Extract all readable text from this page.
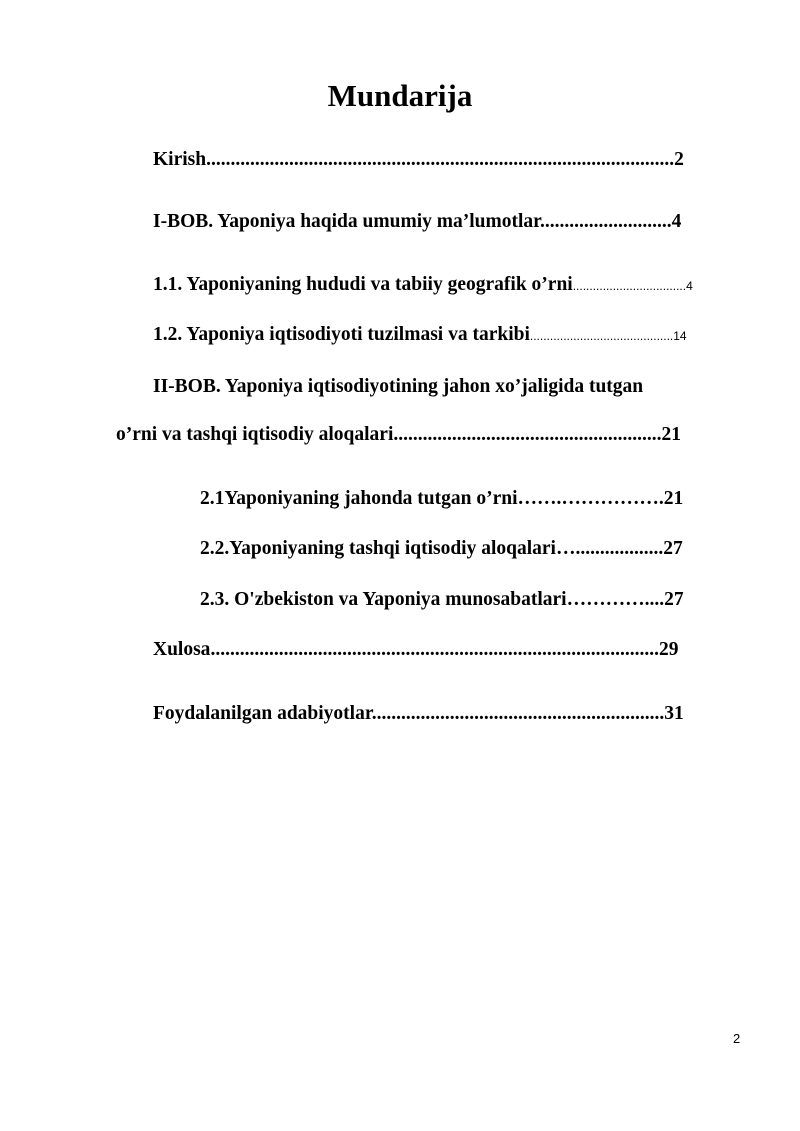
Mundarija
Kirish................................................................................................2
I-BOB. Yaponiya haqida umumiy ma’lumotlar...........................4
1.1. Yaponiyaning hududi va tabiiy geografik o’rni..................................4
1.2. Yaponiya iqtisodiyoti tuzilmasi va tarkibi...........................................14
II-BOB. Yaponiya iqtisodiyotining jahon xo’jaligida tutgan
o’rni va tashqi iqtisodiy aloqalari.......................................................21
2.1Yaponiyaning jahonda tutgan o’rni…….…………….21
2.2.Yaponiyaning tashqi iqtisodiy aloqalari…..................27
2.3. O'zbekiston va Yaponiya munosabatlari…………....27
Xulosa............................................................................................29
Foydalanilgan adabiyotlar............................................................31
2
